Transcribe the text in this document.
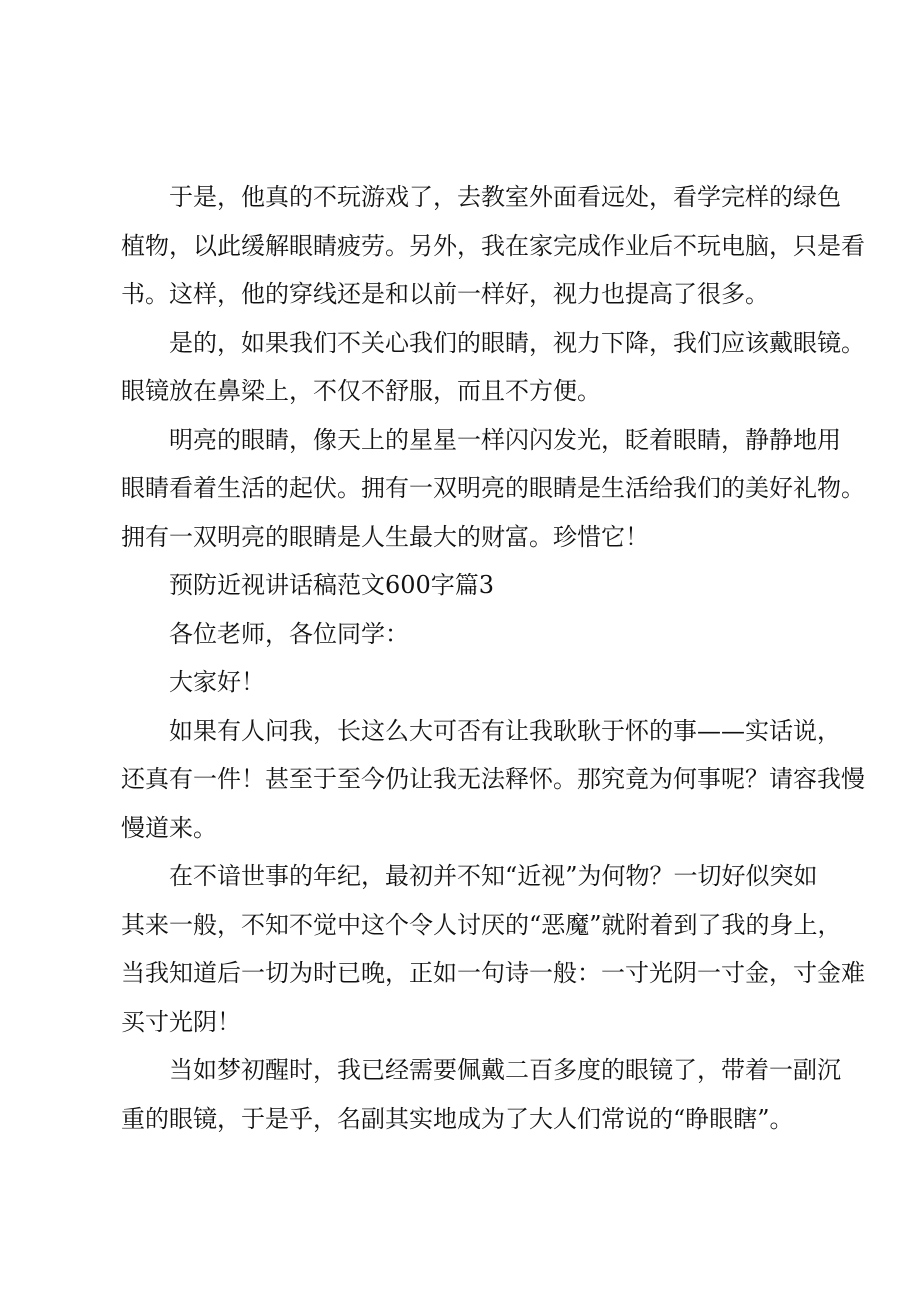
于是，他真的不玩游戏了，去教室外面看远处，看学完样的绿色
植物，以此缓解眼睛疲劳。另外，我在家完成作业后不玩电脑，只是看
书。这样，他的穿线还是和以前一样好，视力也提高了很多。
是的，如果我们不关心我们的眼睛，视力下降，我们应该戴眼镜。
眼镜放在鼻梁上，不仅不舒服，而且不方便。
明亮的眼睛，像天上的星星一样闪闪发光，眨着眼睛，静静地用
眼睛看着生活的起伏。拥有一双明亮的眼睛是生活给我们的美好礼物。
拥有一双明亮的眼睛是人生最大的财富。珍惜它！
预防近视讲话稿范文600字篇3
各位老师，各位同学：
大家好！
如果有人问我，长这么大可否有让我耿耿于怀的事——实话说，
还真有一件！甚至于至今仍让我无法释怀。那究竟为何事呢？请容我慢
慢道来。
在不谙世事的年纪，最初并不知“近视”为何物？一切好似突如
其来一般，不知不觉中这个令人讨厌的“恶魔”就附着到了我的身上，
当我知道后一切为时已晚，正如一句诗一般：一寸光阴一寸金，寸金难
买寸光阴！
当如梦初醒时，我已经需要佩戴二百多度的眼镜了，带着一副沉
重的眼镜，于是乎，名副其实地成为了大人们常说的“睁眼瞎”。
